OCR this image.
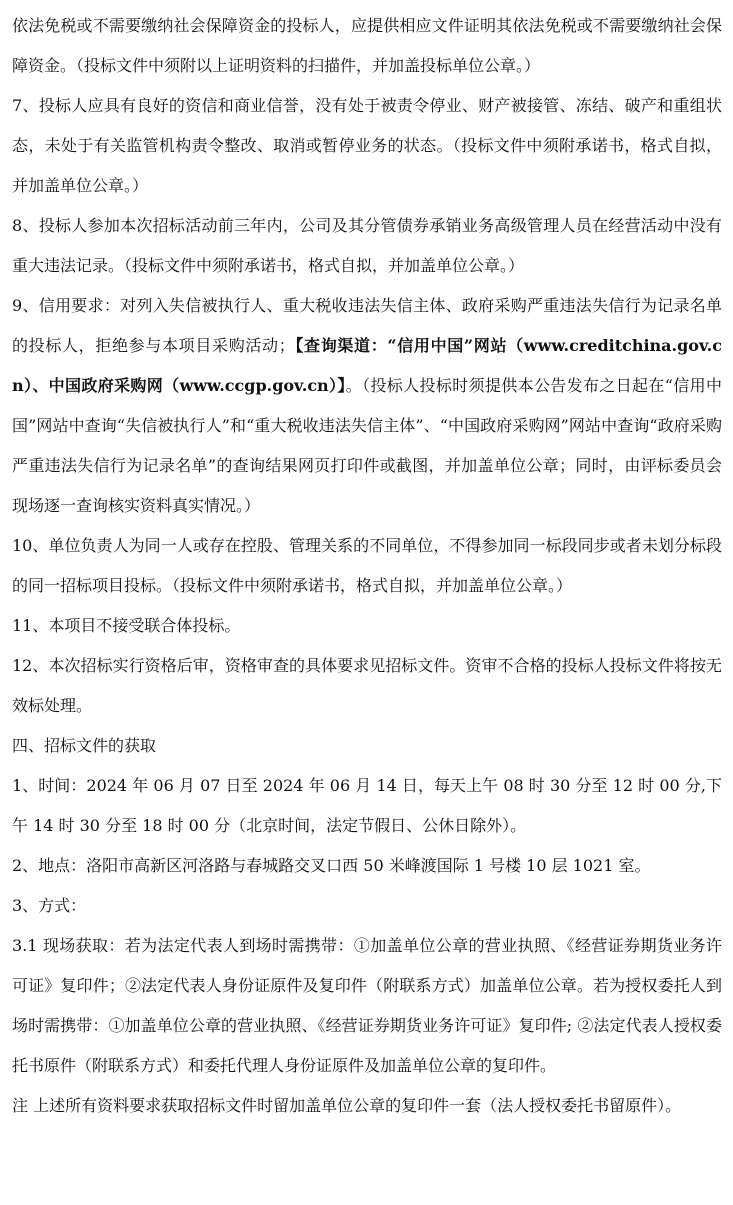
依法免税或不需要缴纳社会保障资金的投标人，应提供相应文件证明其依法免税或不需要缴纳社会保障资金。（投标文件中须附以上证明资料的扫描件，并加盖投标单位公章。）

7、投标人应具有良好的资信和商业信誉，没有处于被责令停业、财产被接管、冻结、破产和重组状态，未处于有关监管机构责令整改、取消或暂停业务的状态。（投标文件中须附承诺书，格式自拟，并加盖单位公章。）

8、投标人参加本次招标活动前三年内，公司及其分管债券承销业务高级管理人员在经营活动中没有重大违法记录。（投标文件中须附承诺书，格式自拟，并加盖单位公章。）

9、信用要求：对列入失信被执行人、重大税收违法失信主体、政府采购严重违法失信行为记录名单的投标人，拒绝参与本项目采购活动；【查询渠道：“信用中国”网站（www.creditchina.gov.cn）、中国政府采购网（www.ccgp.gov.cn）】。（投标人投标时须提供本公告发布之日起在“信用中国”网站中查询“失信被执行人”和“重大税收违法失信主体”、“中国政府采购网”网站中查询“政府采购严重违法失信行为记录名单”的查询结果网页打印件或截图，并加盖单位公章；同时，由评标委员会现场逐一查询核实资料真实情况。）

10、单位负责人为同一人或存在控股、管理关系的不同单位，不得参加同一标段同步或者未划分标段的同一招标项目投标。（投标文件中须附承诺书，格式自拟，并加盖单位公章。）

11、本项目不接受联合体投标。

12、本次招标实行资格后审，资格审查的具体要求见招标文件。资审不合格的投标人投标文件将按无效标处理。

四、招标文件的获取

1、时间：2024 年 06 月 07 日至 2024 年 06 月 14 日，每天上午 08 时 30 分至 12 时 00 分,下午 14 时 30 分至 18 时 00 分（北京时间，法定节假日、公休日除外）。

2、地点：洛阳市高新区河洛路与春城路交叉口西 50 米峰渡国际 1 号楼 10 层 1021 室。

3、方式：

3.1 现场获取：若为法定代表人到场时需携带：①加盖单位公章的营业执照、《经营证券期货业务许可证》复印件；②法定代表人身份证原件及复印件（附联系方式）加盖单位公章。若为授权委托人到场时需携带：①加盖单位公章的营业执照、《经营证券期货业务许可证》复印件; ②法定代表人授权委托书原件（附联系方式）和委托代理人身份证原件及加盖单位公章的复印件。

注 上述所有资料要求获取招标文件时留加盖单位公章的复印件一套（法人授权委托书留原件）。
